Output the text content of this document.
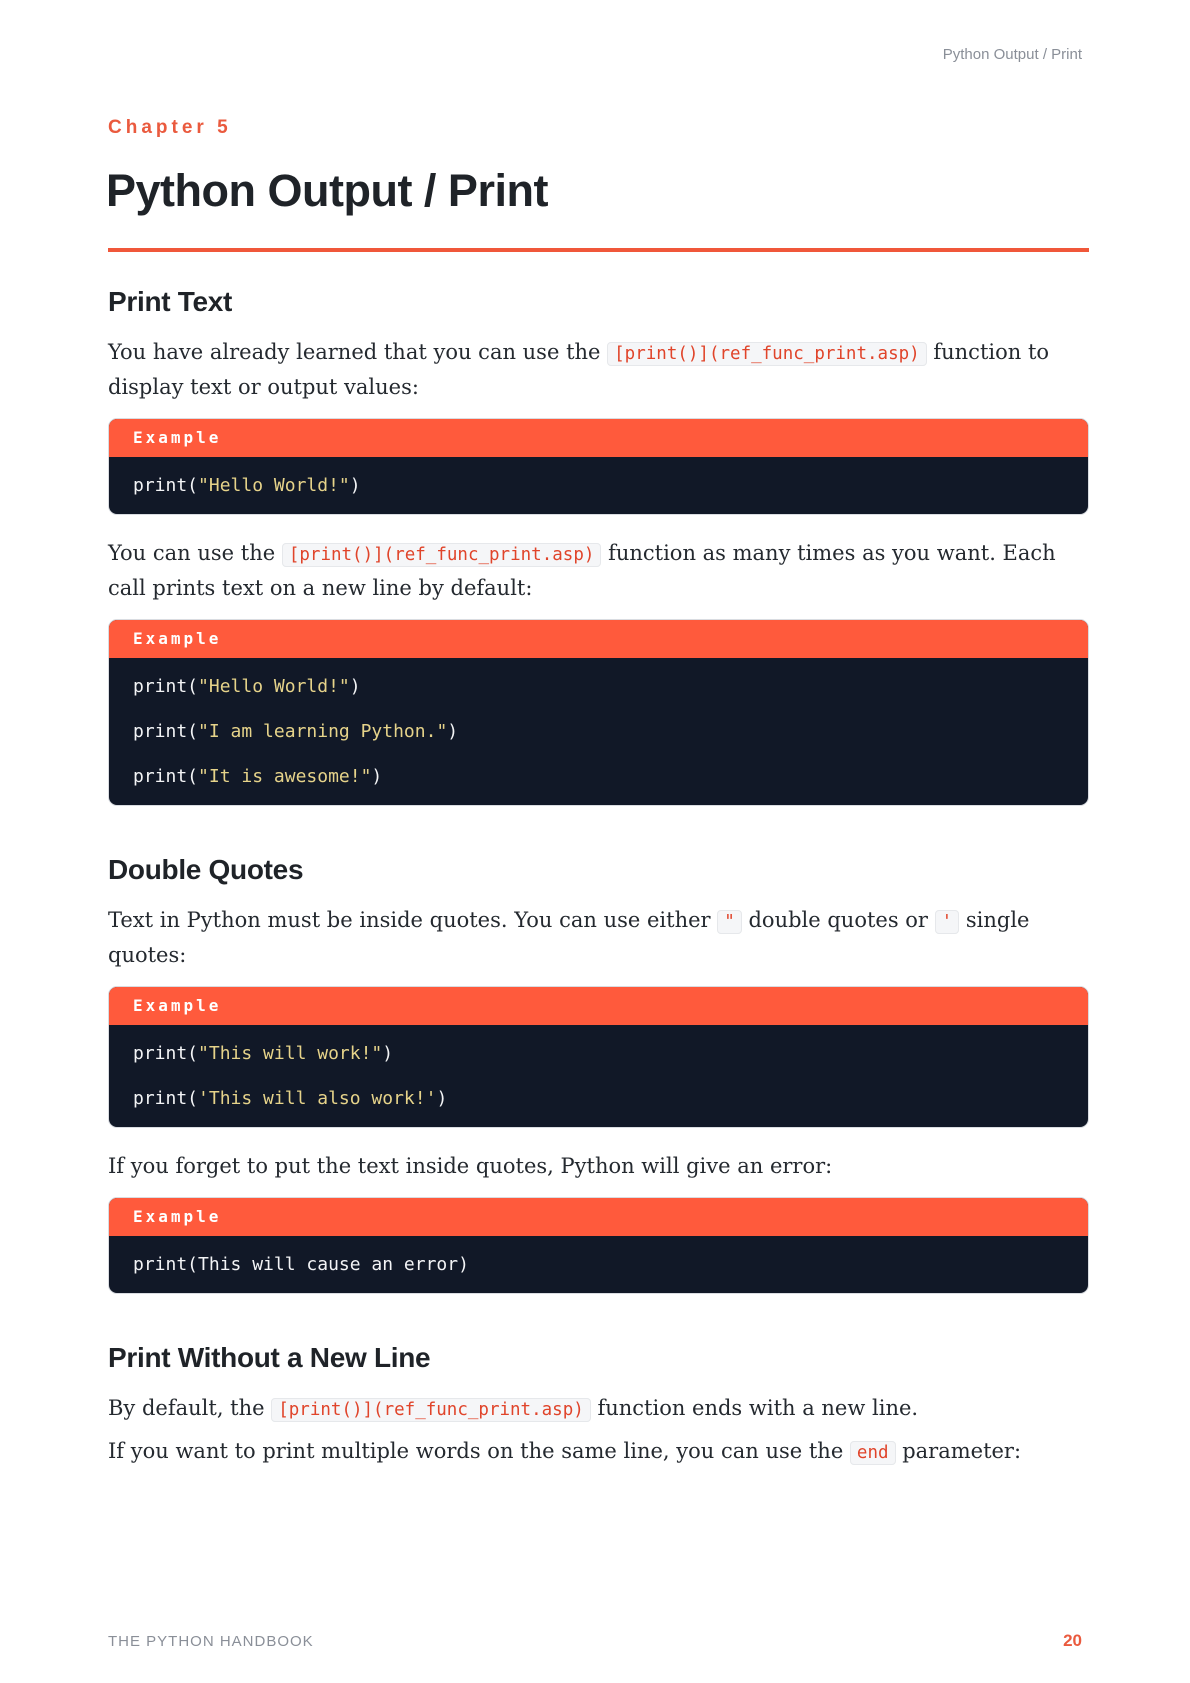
Python Output / Print
Chapter 5
Python Output / Print
Print Text

You have already learned that you can use the [print()](ref_func_print.asp) function to display text or output values:

Example
print("Hello World!")

You can use the [print()](ref_func_print.asp) function as many times as you want. Each call prints text on a new line by default:

Example
print("Hello World!")
print("I am learning Python.")
print("It is awesome!")
Double Quotes

Text in Python must be inside quotes. You can use either " double quotes or ' single quotes:

Example
print("This will work!")
print('This will also work!')

If you forget to put the text inside quotes, Python will give an error:

Example
print(This will cause an error)
Print Without a New Line

By default, the [print()](ref_func_print.asp) function ends with a new line.

If you want to print multiple words on the same line, you can use the end parameter:

THE PYTHON HANDBOOK	20
